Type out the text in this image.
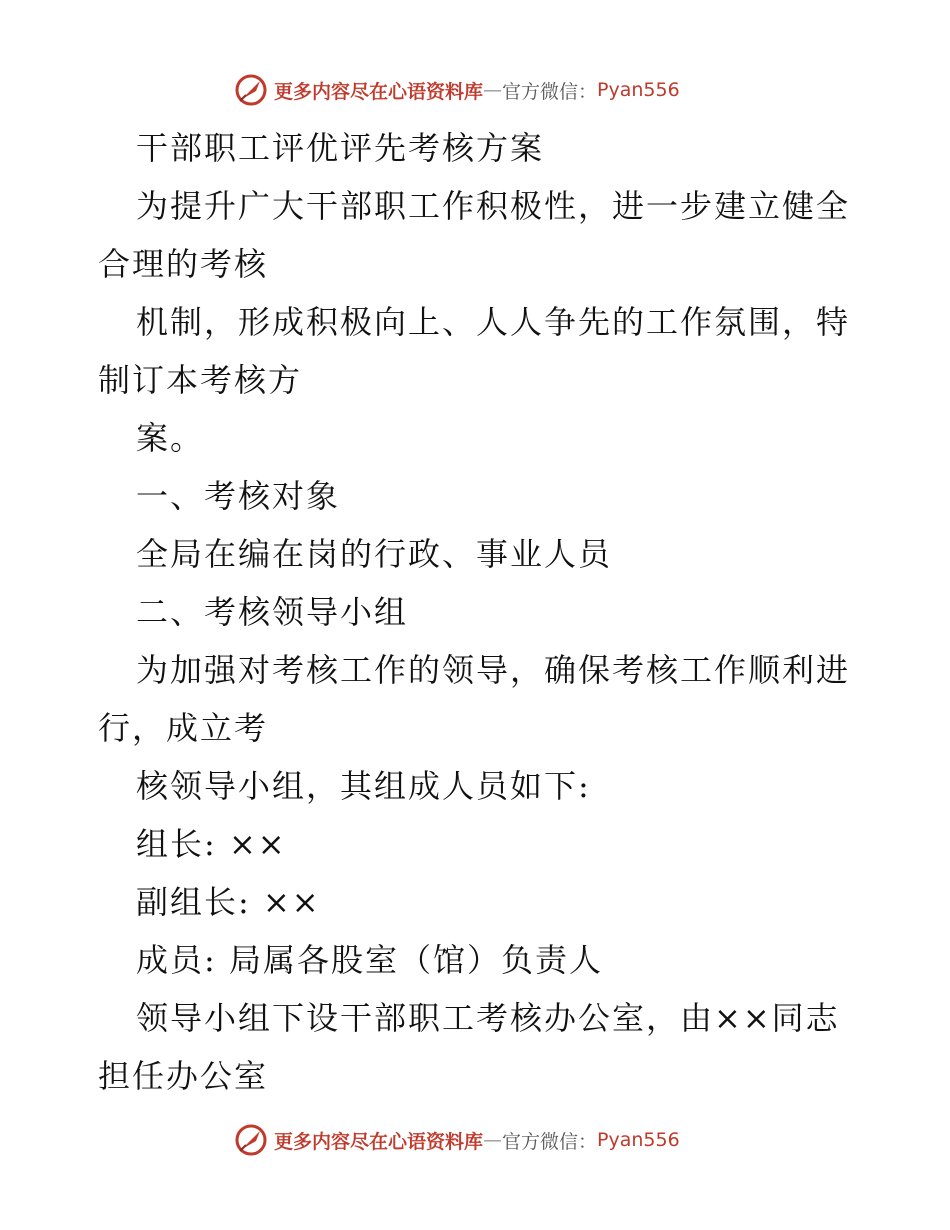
更多内容尽在心语资料库 — 官方微信： Pyan556
干部职工评优评先考核方案
为提升广大干部职工作积极性，进一步建立健全
合理的考核
机制，形成积极向上、人人争先的工作氛围，特
制订本考核方
案。
一、考核对象
全局在编在岗的行政、事业人员
二、考核领导小组
为加强对考核工作的领导，确保考核工作顺利进
行，成立考
核领导小组，其组成人员如下:
组长: ××
副组长: ××
成员: 局属各股室（馆）负责人
领导小组下设干部职工考核办公室，由××同志
担任办公室
更多内容尽在心语资料库 — 官方微信： Pyan556
